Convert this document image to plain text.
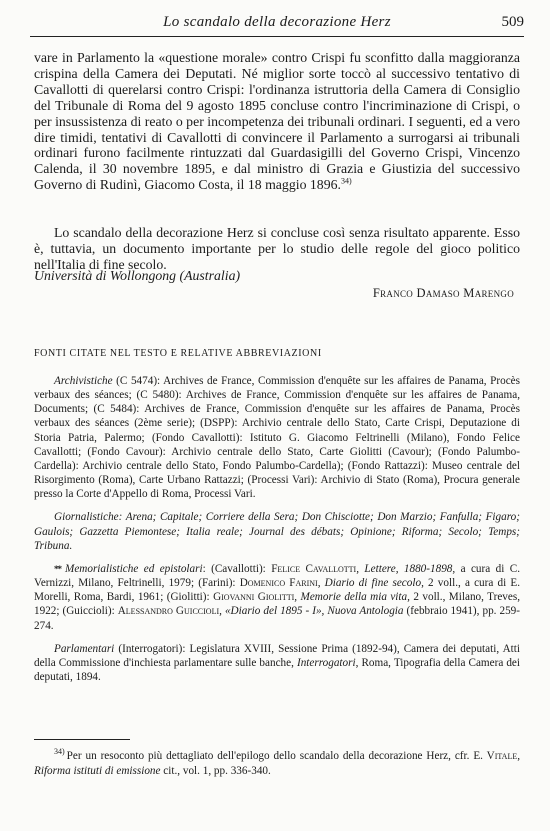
Lo scandalo della decorazione Herz	509

vare in Parlamento la «questione morale» contro Crispi fu sconfitto dalla maggioranza crispina della Camera dei Deputati. Né miglior sorte toccò al successivo tentativo di Cavallotti di querelarsi contro Crispi: l'ordinanza istruttoria della Camera di Consiglio del Tribunale di Roma del 9 agosto 1895 concluse contro l'incriminazione di Crispi, o per insussistenza di reato o per incompetenza dei tribunali ordinari. I seguenti, ed a vero dire timidi, tentativi di Cavallotti di convincere il Parlamento a surrogarsi ai tribunali ordinari furono facilmente rintuzzati dal Guardasigilli del Governo Crispi, Vincenzo Calenda, il 30 novembre 1895, e dal ministro di Grazia e Giustizia del successivo Governo di Rudinì, Giacomo Costa, il 18 maggio 1896.$^{34)}$

Lo scandalo della decorazione Herz si concluse così senza risultato apparente. Esso è, tuttavia, un documento importante per lo studio delle regole del gioco politico nell'Italia di fine secolo.

Università di Wollongong (Australia)
Franco Damaso Marengo
FONTI CITATE NEL TESTO E RELATIVE ABBREVIAZIONI

Archivistiche (C 5474): Archives de France, Commission d'enquête sur les affaires de Panama, Procès verbaux des séances; (C 5480): Archives de France, Commission d'enquête sur les affaires de Panama, Documents; (C 5484): Archives de France, Commission d'enquête sur les affaires de Panama, Procès verbaux des séances (2ème serie); (DSPP): Archivio centrale dello Stato, Carte Crispi, Deputazione di Storia Patria, Palermo; (Fondo Cavallotti): Istituto G. Giacomo Feltrinelli (Milano), Fondo Felice Cavallotti; (Fondo Cavour): Archivio centrale dello Stato, Carte Giolitti (Cavour); (Fondo Palumbo-Cardella): Archivio centrale dello Stato, Fondo Palumbo-Cardella); (Fondo Rattazzi): Museo centrale del Risorgimento (Roma), Carte Urbano Rattazzi; (Processi Vari): Archivio di Stato (Roma), Procura generale presso la Corte d'Appello di Roma, Processi Vari.

Giornalistiche: Arena; Capitale; Corriere della Sera; Don Chisciotte; Don Marzio; Fanfulla; Figaro; Gaulois; Gazzetta Piemontese; Italia reale; Journal des débats; Opinione; Riforma; Secolo; Temps; Tribuna.

** Memorialistiche ed epistolari: (Cavallotti): Felice Cavallotti, Lettere, 1880-1898, a cura di C. Vernizzi, Milano, Feltrinelli, 1979; (Farini): Domenico Farini, Diario di fine secolo, 2 voll., a cura di E. Morelli, Roma, Bardi, 1961; (Giolitti): Giovanni Giolitti, Memorie della mia vita, 2 voll., Milano, Treves, 1922; (Guiccioli): Alessandro Guiccioli, «Diario del 1895 - I», Nuova Antologia (febbraio 1941), pp. 259-274.

Parlamentari (Interrogatori): Legislatura XVIII, Sessione Prima (1892-94), Camera dei deputati, Atti della Commissione d'inchiesta parlamentare sulle banche, Interrogatori, Roma, Tipografia della Camera dei deputati, 1894.

$^{34)}$ Per un resoconto più dettagliato dell'epilogo dello scandalo della decorazione Herz, cfr. E. Vitale, Riforma istituti di emissione cit., vol. 1, pp. 336-340.
